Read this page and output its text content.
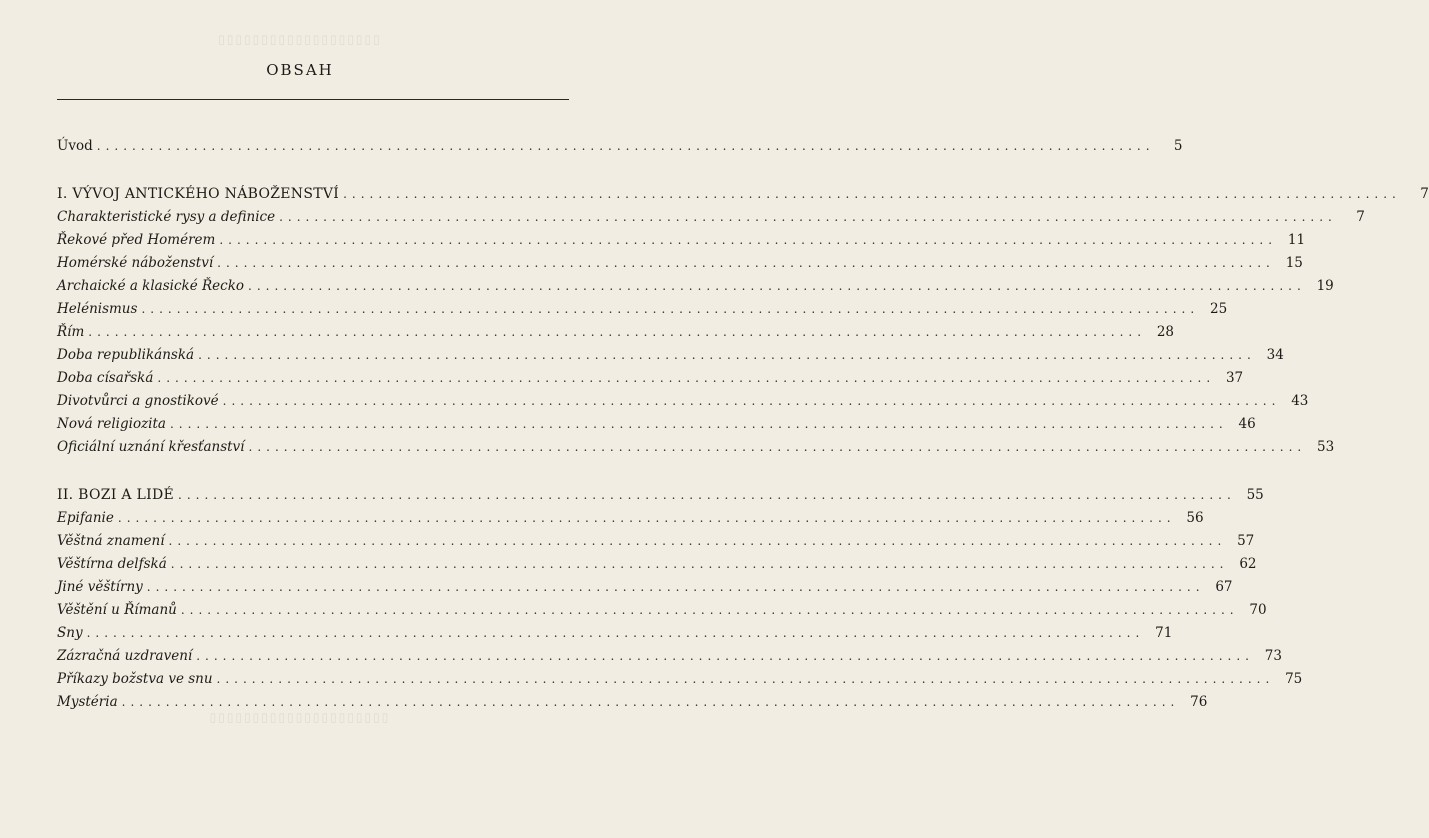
▯▯▯▯▯▯▯▯▯▯▯▯▯▯▯▯▯▯▯
▯▯▯▯▯▯▯▯▯▯▯▯▯▯▯▯▯▯▯▯▯
OBSAH
Úvod ........................................................................................................................	5
I. VÝVOJ ANTICKÉHO NÁBOŽENSTVÍ ........................................................................................................................	7
Charakteristické rysy a definice ........................................................................................................................	7
Řekové před Homérem ........................................................................................................................ 11
Homérské náboženství ........................................................................................................................ 15
Archaické a klasické Řecko ........................................................................................................................ 19
Helénismus ........................................................................................................................ 25
Řím ........................................................................................................................ 28
Doba republikánská ........................................................................................................................ 34
Doba císařská ........................................................................................................................ 37
Divotvůrci a gnostikové ........................................................................................................................ 43
Nová religiozita ........................................................................................................................ 46
Oficiální uznání křesťanství ........................................................................................................................ 53
II. BOZI A LIDÉ ........................................................................................................................ 55
Epifanie ........................................................................................................................ 56
Věštná znamení ........................................................................................................................ 57
Věštírna delfská ........................................................................................................................ 62
Jiné věštírny ........................................................................................................................ 67
Věštění u Římanů ........................................................................................................................ 70
Sny ........................................................................................................................ 71
Zázračná uzdravení ........................................................................................................................ 73
Příkazy božstva ve snu ........................................................................................................................ 75
Mystéria ........................................................................................................................ 76
